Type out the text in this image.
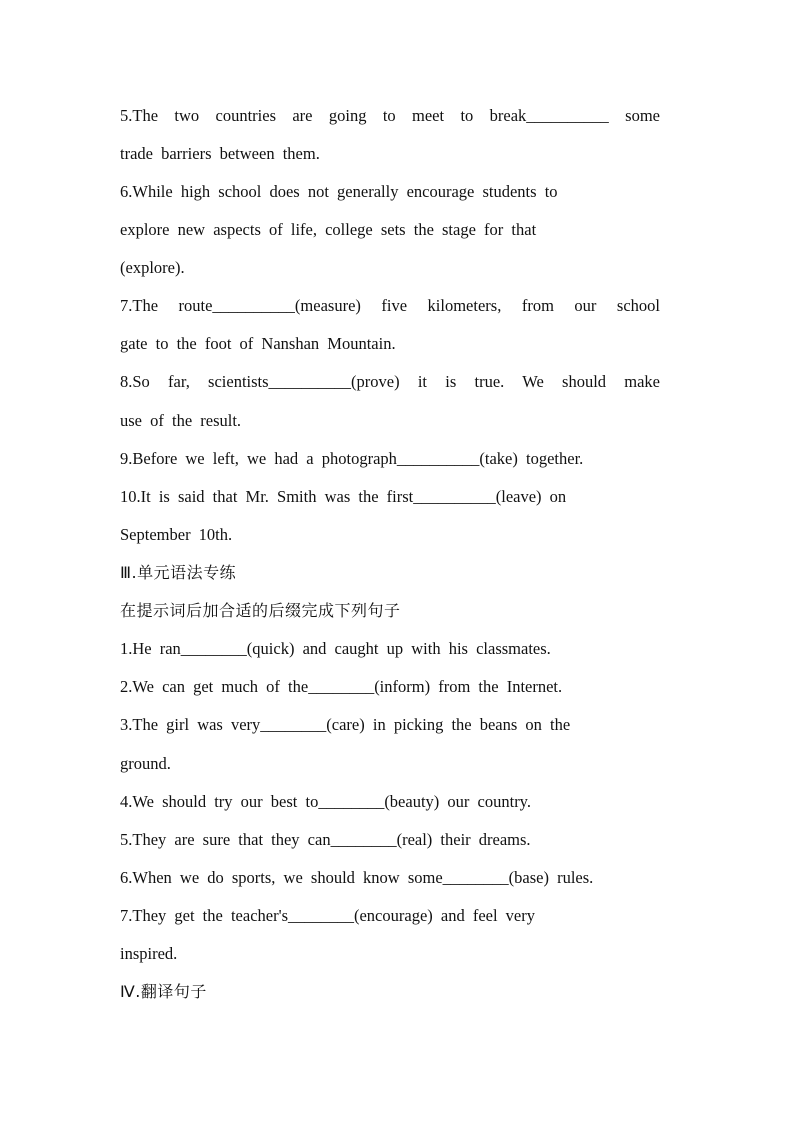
5.The two countries are going to meet to break__________ some
trade barriers between them.
6.While high school does not generally encourage students to
explore new aspects of life, college sets the stage for that
(explore).
7.The route__________(measure) five kilometers, from our school
gate to the foot of Nanshan Mountain.
8.So far, scientists__________(prove) it is true. We should make
use of the result.
9.Before we left, we had a photograph__________(take) together.
10.It is said that Mr. Smith was the first__________(leave) on
September 10th.
Ⅲ.单元语法专练
在提示词后加合适的后缀完成下列句子
1.He ran________(quick) and caught up with his classmates.
2.We can get much of the________(inform) from the Internet.
3.The girl was very________(care) in picking the beans on the
ground.
4.We should try our best to________(beauty) our country.
5.They are sure that they can________(real) their dreams.
6.When we do sports, we should know some________(base) rules.
7.They get the teacher's________(encourage) and feel very
inspired.
Ⅳ.翻译句子
